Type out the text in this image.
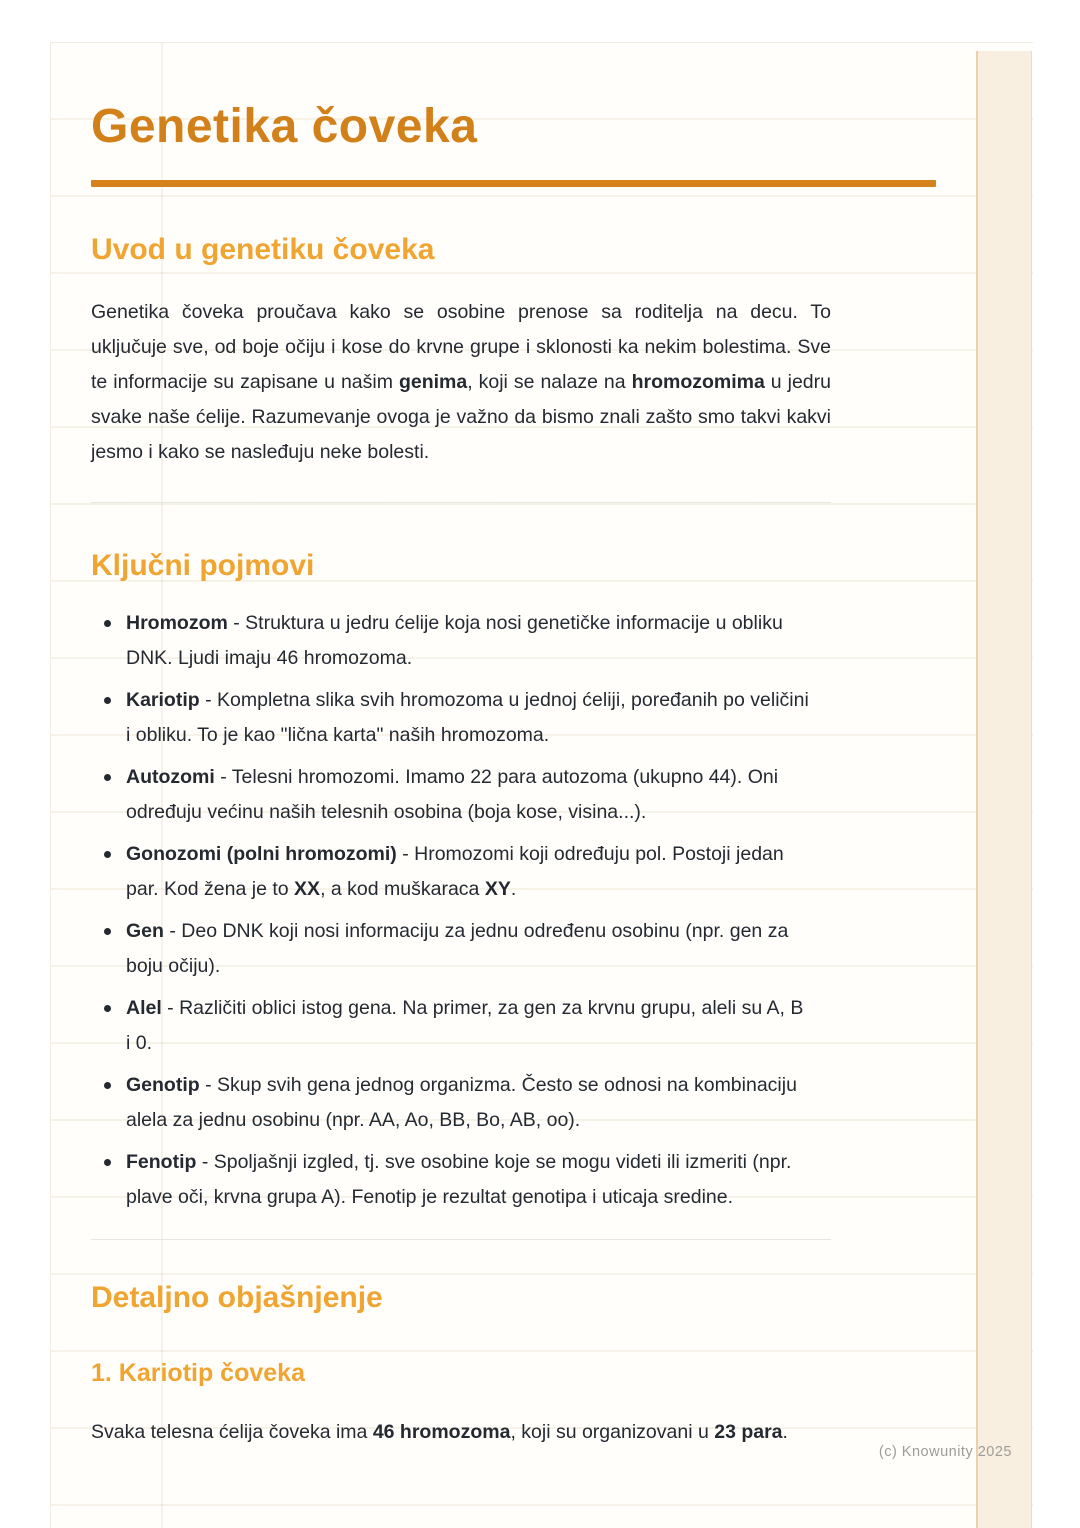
Genetika čoveka
Uvod u genetiku čoveka

Genetika čoveka proučava kako se osobine prenose sa roditelja na decu. To uključuje sve, od boje očiju i kose do krvne grupe i sklonosti ka nekim bolestima. Sve te informacije su zapisane u našim genima, koji se nalaze na hromozomima u jedru svake naše ćelije. Razumevanje ovoga je važno da bismo znali zašto smo takvi kakvi jesmo i kako se nasleđuju neke bolesti.

Ključni pojmovi
Hromozom - Struktura u jedru ćelije koja nosi genetičke informacije u obliku DNK. Ljudi imaju 46 hromozoma.
Kariotip - Kompletna slika svih hromozoma u jednoj ćeliji, poređanih po veličini i obliku. To je kao "lična karta" naših hromozoma.
Autozomi - Telesni hromozomi. Imamo 22 para autozoma (ukupno 44). Oni određuju većinu naših telesnih osobina (boja kose, visina...).
Gonozomi (polni hromozomi) - Hromozomi koji određuju pol. Postoji jedan par. Kod žena je to XX, a kod muškaraca XY.
Gen - Deo DNK koji nosi informaciju za jednu određenu osobinu (npr. gen za boju očiju).
Alel - Različiti oblici istog gena. Na primer, za gen za krvnu grupu, aleli su A, B i 0.
Genotip - Skup svih gena jednog organizma. Često se odnosi na kombinaciju alela za jednu osobinu (npr. AA, Ao, BB, Bo, AB, oo).
Fenotip - Spoljašnji izgled, tj. sve osobine koje se mogu videti ili izmeriti (npr. plave oči, krvna grupa A). Fenotip je rezultat genotipa i uticaja sredine.
Detaljno objašnjenje
1. Kariotip čoveka

Svaka telesna ćelija čoveka ima 46 hromozoma, koji su organizovani u 23 para.

(c) Knowunity 2025
